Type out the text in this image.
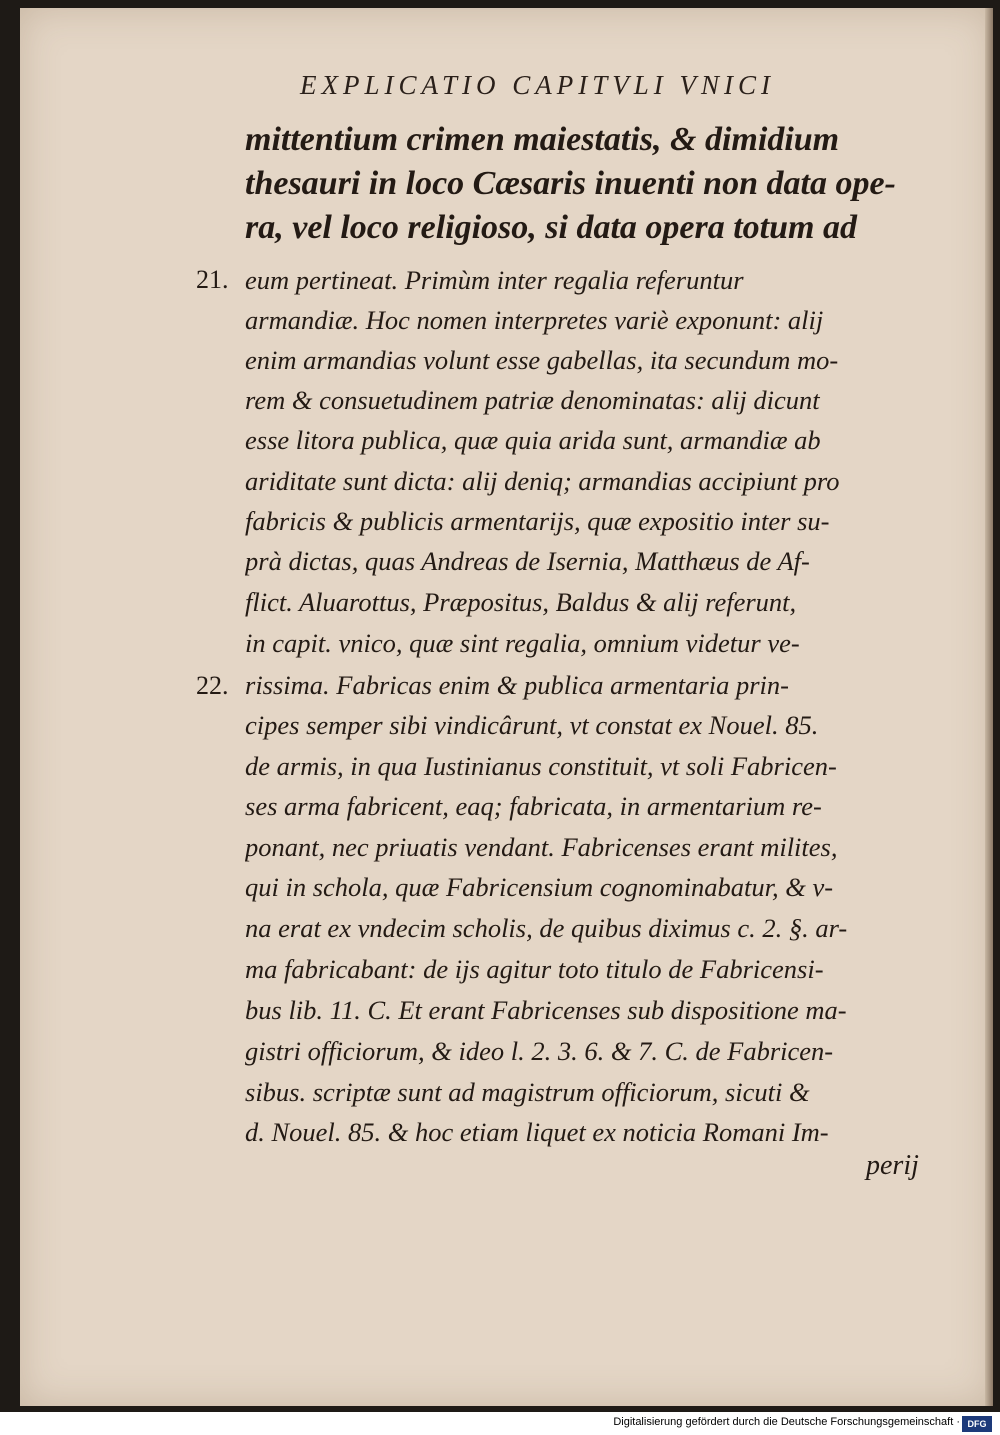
EXPLICATIO CAPITVLI VNICI
mittentium crimen maiestatis, & dimidium
thesauri in loco Cæsaris inuenti non data ope-
ra, vel loco religioso, si data opera totum ad
21. eum pertineat. Primùm inter regalia referuntur
armandiæ. Hoc nomen interpretes variè exponunt: alij
enim armandias volunt esse gabellas, ita secundum mo-
rem & consuetudinem patriæ denominatas: alij dicunt
esse litora publica, quæ quia arida sunt, armandiæ ab
ariditate sunt dicta: alij deniq; armandias accipiunt pro
fabricis & publicis armentarijs, quæ expositio inter su-
prà dictas, quas Andreas de Isernia, Matthæus de Af-
flict. Aluarottus, Præpositus, Baldus & alij referunt,
in capit. vnico, quæ sint regalia, omnium videtur ve-
22. rissima. Fabricas enim & publica armentaria prin-
cipes semper sibi vindicârunt, vt constat ex Nouel. 85.
de armis, in qua Iustinianus constituit, vt soli Fabricen-
ses arma fabricent, eaq; fabricata, in armentarium re-
ponant, nec priuatis vendant. Fabricenses erant milites,
qui in schola, quæ Fabricensium cognominabatur, & v-
na erat ex vndecim scholis, de quibus diximus c. 2. §. ar-
ma fabricabant: de ijs agitur toto titulo de Fabricensi-
bus lib. 11. C. Et erant Fabricenses sub dispositione ma-
gistri officiorum, & ideo l. 2. 3. 6. & 7. C. de Fabricen-
sibus. scriptæ sunt ad magistrum officiorum, sicuti &
d. Nouel. 85. & hoc etiam liquet ex noticia Romani Im-
perij
Digitalisierung gefördert durch die Deutsche Forschungsgemeinschaft · DFG
